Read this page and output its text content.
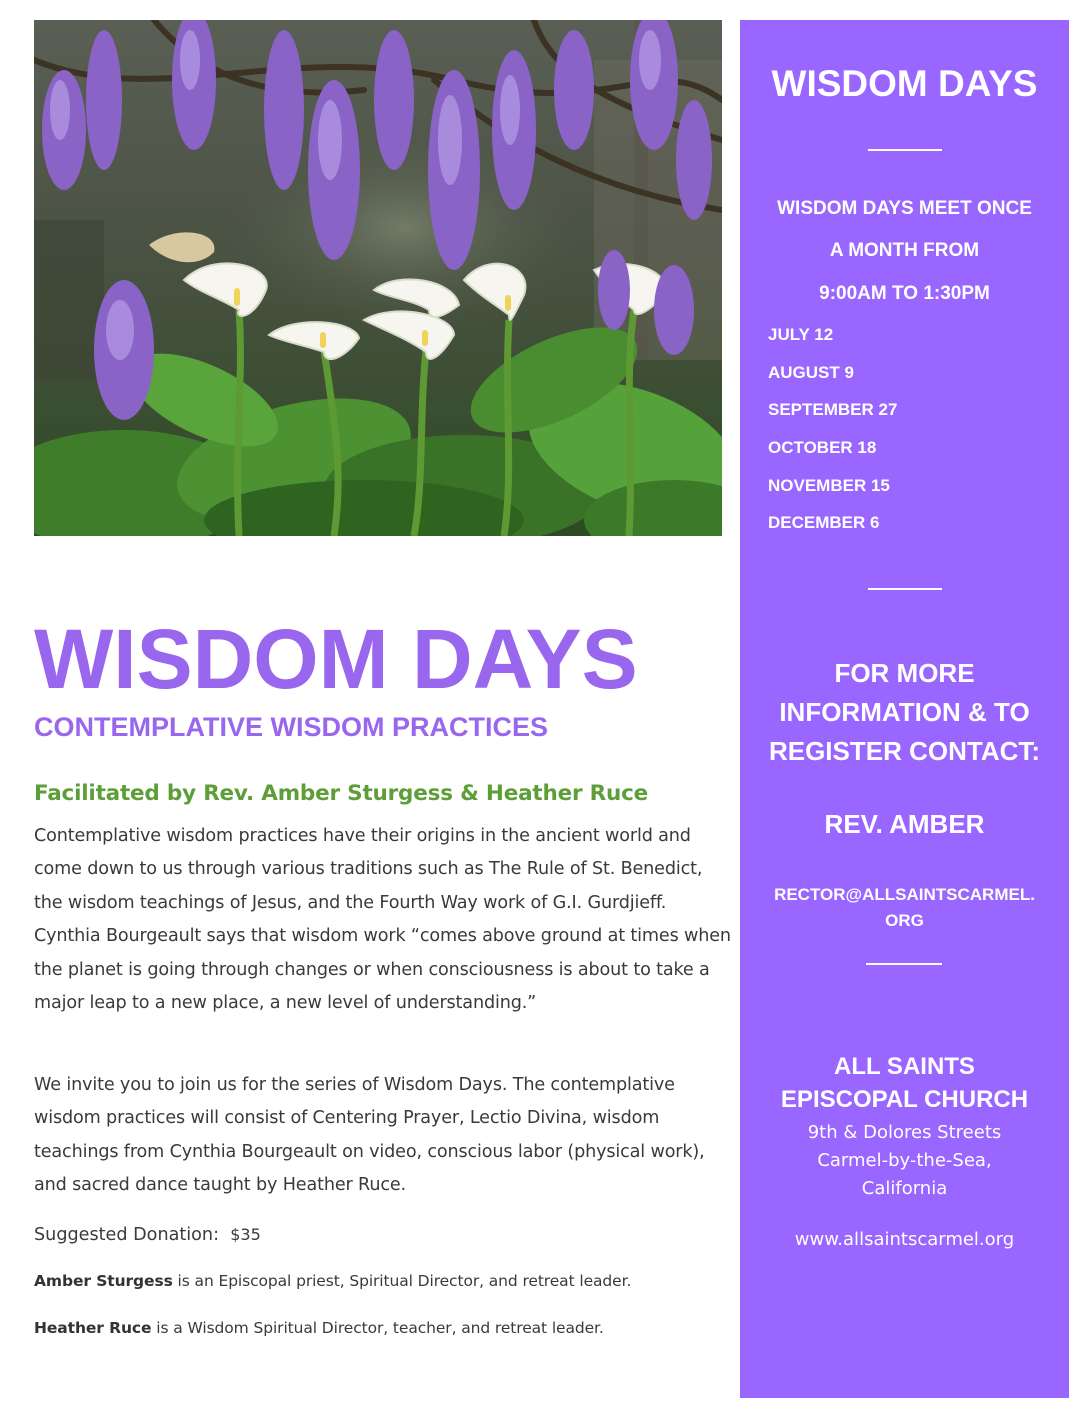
WISDOM DAYS
CONTEMPLATIVE WISDOM PRACTICES

Facilitated by Rev. Amber Sturgess & Heather Ruce

Contemplative wisdom practices have their origins in the ancient world and come down to us through various traditions such as The Rule of St. Benedict, the wisdom teachings of Jesus, and the Fourth Way work of G.I. Gurdjieff. Cynthia Bourgeault says that wisdom work “comes above ground at times when the planet is going through changes or when consciousness is about to take a major leap to a new place, a new level of understanding.”

We invite you to join us for the series of Wisdom Days. The contemplative wisdom practices will consist of Centering Prayer, Lectio Divina, wisdom teachings from Cynthia Bourgeault on video, conscious labor (physical work), and sacred dance taught by Heather Ruce.

Suggested Donation: $35

Amber Sturgess is an Episcopal priest, Spiritual Director, and retreat leader.

Heather Ruce is a Wisdom Spiritual Director, teacher, and retreat leader.

WISDOM DAYS
WISDOM DAYS MEET ONCE
A MONTH FROM
9:00AM TO 1:30PM
JULY 12
AUGUST 9
SEPTEMBER 27
OCTOBER 18
NOVEMBER 15
DECEMBER 6
FOR MORE
INFORMATION & TO
REGISTER CONTACT:
REV. AMBER
RECTOR@ALLSAINTSCARMEL.
ORG
ALL SAINTS
EPISCOPAL CHURCH
9th & Dolores Streets
Carmel-by-the-Sea,
California
www.allsaintscarmel.org
